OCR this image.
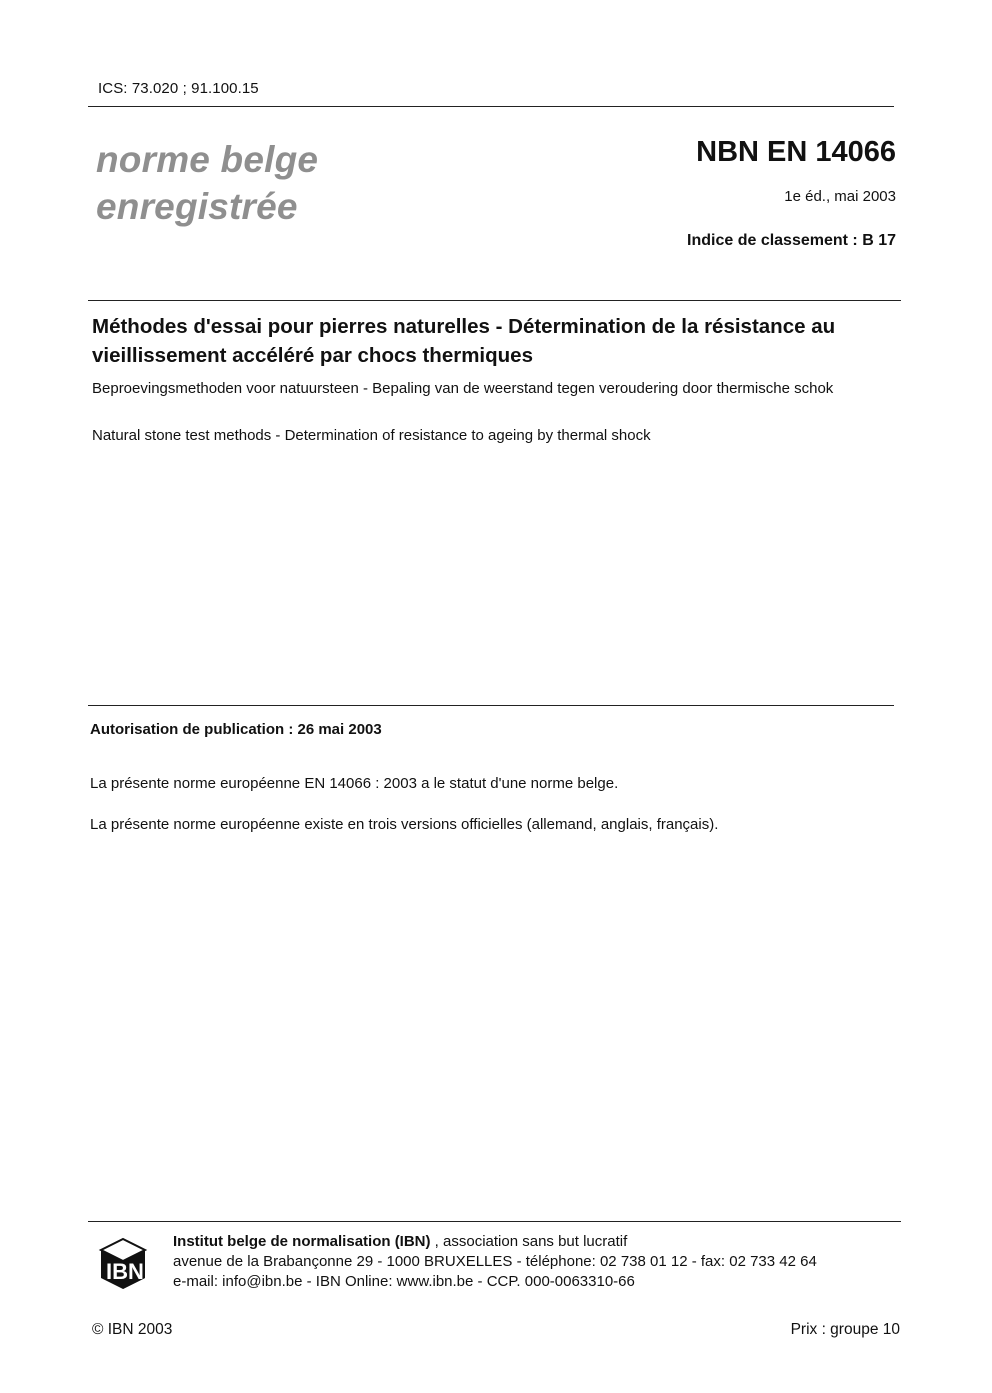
ICS: 73.020 ; 91.100.15
norme belge
enregistrée
NBN EN 14066
1e éd., mai 2003
Indice de classement : B 17
Méthodes d'essai pour pierres naturelles - Détermination de la résistance au vieillissement accéléré par chocs thermiques
Beproevingsmethoden voor natuursteen - Bepaling van de weerstand tegen veroudering door thermische schok
Natural stone test methods - Determination of resistance to ageing by thermal shock
Autorisation de publication : 26 mai 2003
La présente norme européenne EN 14066 : 2003 a le statut d'une norme belge.
La présente norme européenne existe en trois versions officielles (allemand, anglais, français).
IBN
Institut belge de normalisation (IBN) , association sans but lucratif
avenue de la Brabançonne 29 - 1000 BRUXELLES - téléphone: 02 738 01 12 - fax: 02 733 42 64
e-mail: info@ibn.be - IBN Online: www.ibn.be - CCP. 000-0063310-66
© IBN 2003	Prix : groupe 10
